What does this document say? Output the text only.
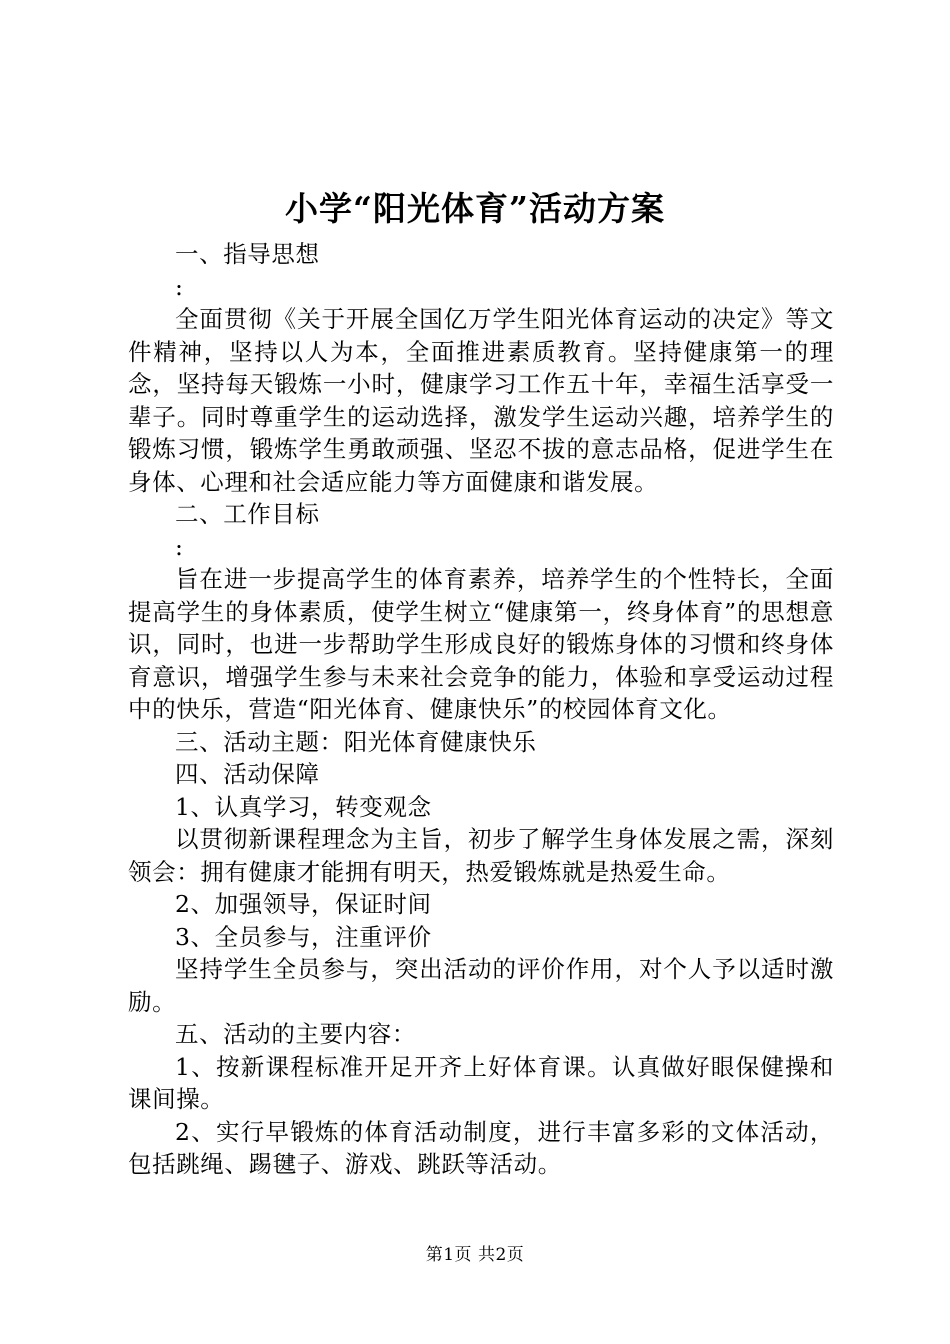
小学“阳光体育”活动方案

一、指导思想

:

全面贯彻《关于开展全国亿万学生阳光体育运动的决定》等文件精神，坚持以人为本，全面推进素质教育。坚持健康第一的理念，坚持每天锻炼一小时，健康学习工作五十年，幸福生活享受一辈子。同时尊重学生的运动选择，激发学生运动兴趣，培养学生的锻炼习惯，锻炼学生勇敢顽强、坚忍不拔的意志品格，促进学生在身体、心理和社会适应能力等方面健康和谐发展。

二、工作目标

:

旨在进一步提高学生的体育素养，培养学生的个性特长，全面提高学生的身体素质，使学生树立“健康第一，终身体育”的思想意识，同时，也进一步帮助学生形成良好的锻炼身体的习惯和终身体育意识，增强学生参与未来社会竞争的能力，体验和享受运动过程中的快乐，营造“阳光体育、健康快乐”的校园体育文化。

三、活动主题：阳光体育健康快乐

四、活动保障

1、认真学习，转变观念

以贯彻新课程理念为主旨，初步了解学生身体发展之需，深刻领会：拥有健康才能拥有明天，热爱锻炼就是热爱生命。

2、加强领导，保证时间

3、全员参与，注重评价

坚持学生全员参与，突出活动的评价作用，对个人予以适时激励。

五、活动的主要内容：

1、按新课程标准开足开齐上好体育课。认真做好眼保健操和课间操。

2、实行早锻炼的体育活动制度，进行丰富多彩的文体活动，包括跳绳、踢毽子、游戏、跳跃等活动。

第1页 共2页
